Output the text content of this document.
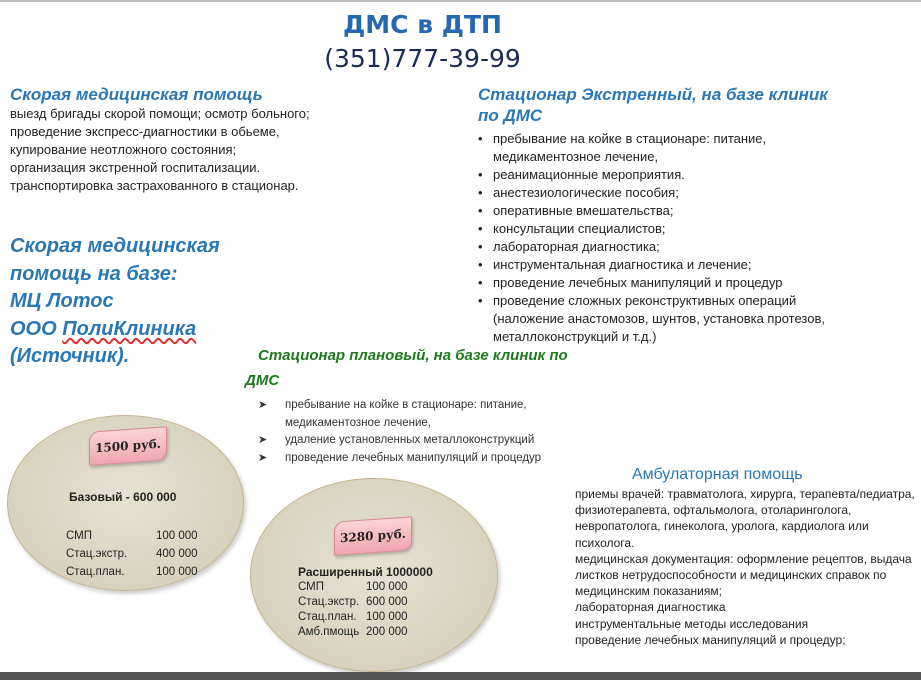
ДМС в ДТП
(351)777-39-99
Скорая медицинская помощь
выезд бригады скорой помощи; осмотр больного;
проведение экспресс-диагностики в обьеме, купирование неотложного состояния;
организация экстренной госпитализации.
транспортировка застрахованного в стационар.
Скорая медицинская
помощь на базе:
МЦ Лотос
ООО ПолиКлиника
(Источник).
Стационар Экстренный, на базе клиник по ДМС
• пребывание на койке в стационаре: питание, медикаментозное лечение,
• реанимационные мероприятия.
• анестезиологические пособия;
• оперативные вмешательства;
• консультации специалистов;
• лабораторная диагностика;
• инструментальная диагностика и лечение;
• проведение лечебных манипуляций и процедур
• проведение сложных реконструктивных операций (наложение анастомозов, шунтов, установка протезов, металлоконструкций и т.д.)
Стационар плановый, на базе клиник по
ДМС
➤ пребывание на койке в стационаре: питание, медикаментозное лечение,
➤ удаление установленных металлоконструкций
➤ проведение лечебных манипуляций и процедур
1500 руб.
Базовый - 600 000
СМП	100 000
Стац.экстр.	400 000
Стац.план.	100 000
3280 руб.
Расширенный 1000000
СМП	100 000
Стац.экстр. 600 000
Стац.план. 100 000
Амб.пмощь 200 000
Амбулаторная помощь
приемы врачей: травматолога, хирурга, терапевта/педиатра, физиотерапевта, офтальмолога, отоларинголога, невропатолога, гинеколога, уролога, кардиолога или психолога.
медицинская документация: оформление рецептов, выдача листков нетрудоспособности и медицинских справок по медицинским показаниям;
лабораторная диагностика
инструментальные методы исследования
проведение лечебных манипуляций и процедур;
